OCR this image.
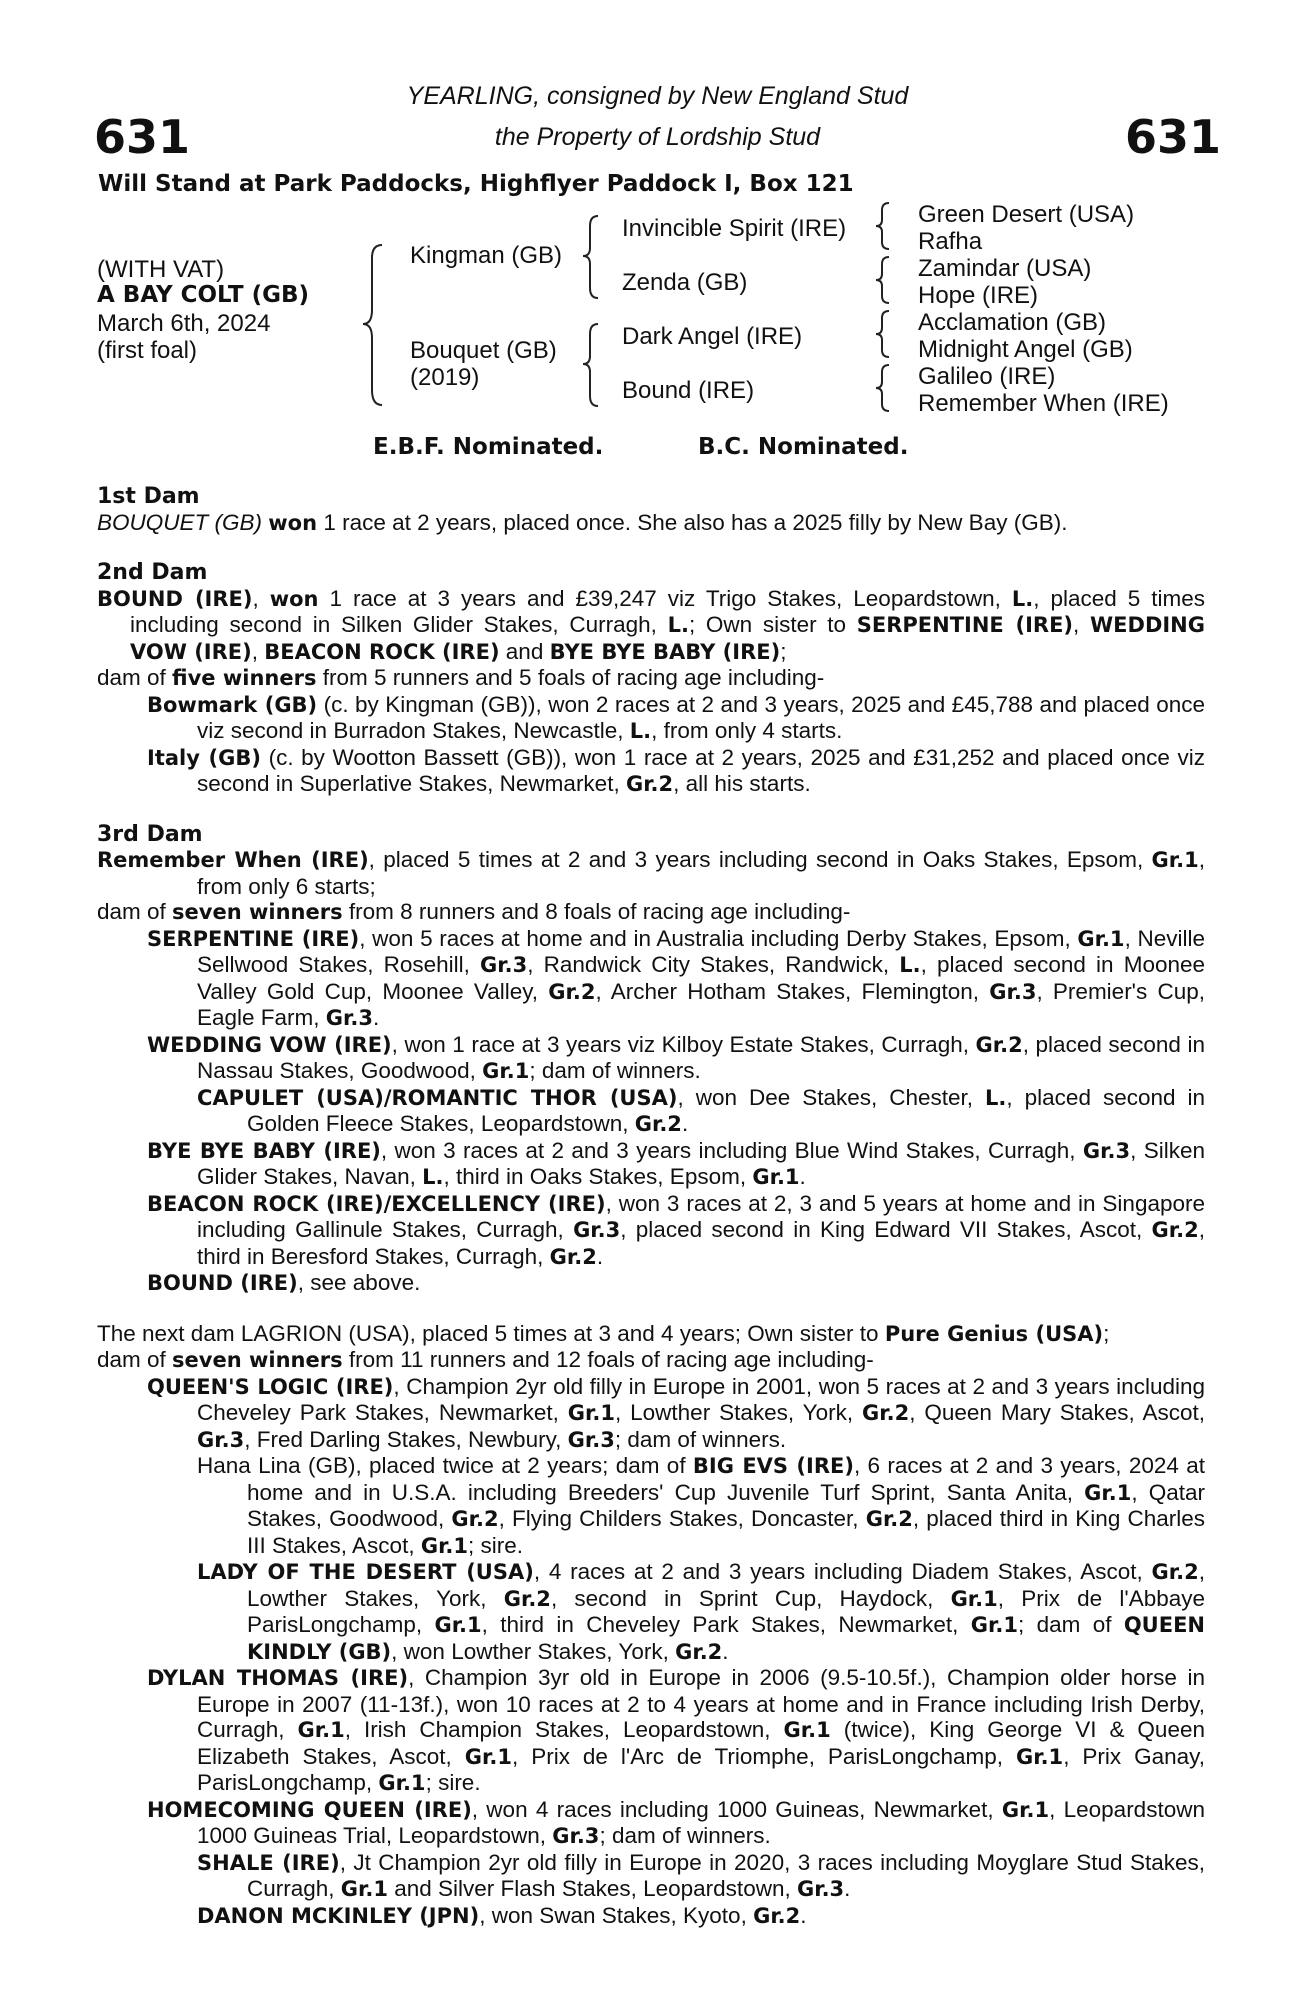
631	631
YEARLING, consigned by New England Stud
the Property of Lordship Stud
Will Stand at Park Paddocks, Highflyer Paddock I, Box 121
(WITH VAT)
A BAY COLT (GB)
March 6th, 2024
(first foal)
Kingman (GB)
Bouquet (GB)
(2019)
Invincible Spirit (IRE)
Zenda (GB)
Dark Angel (IRE)
Bound (IRE)
Green Desert (USA)
Rafha
Zamindar (USA)
Hope (IRE)
Acclamation (GB)
Midnight Angel (GB)
Galileo (IRE)
Remember When (IRE)
E.B.F. Nominated.	B.C. Nominated.
1st Dam

BOUQUET (GB) won 1 race at 2 years, placed once. She also has a 2025 filly by New Bay (GB).

2nd Dam

BOUND (IRE), won 1 race at 3 years and £39,247 viz Trigo Stakes, Leopardstown, L., placed 5 times including second in Silken Glider Stakes, Curragh, L.; Own sister to SERPENTINE (IRE), WEDDING VOW (IRE), BEACON ROCK (IRE) and BYE BYE BABY (IRE);

dam of five winners from 5 runners and 5 foals of racing age including-

Bowmark (GB) (c. by Kingman (GB)), won 2 races at 2 and 3 years, 2025 and £45,788 and placed once viz second in Burradon Stakes, Newcastle, L., from only 4 starts.

Italy (GB) (c. by Wootton Bassett (GB)), won 1 race at 2 years, 2025 and £31,252 and placed once viz second in Superlative Stakes, Newmarket, Gr.2, all his starts.

3rd Dam

Remember When (IRE), placed 5 times at 2 and 3 years including second in Oaks Stakes, Epsom, Gr.1, from only 6 starts;

dam of seven winners from 8 runners and 8 foals of racing age including-

SERPENTINE (IRE), won 5 races at home and in Australia including Derby Stakes, Epsom, Gr.1, Neville Sellwood Stakes, Rosehill, Gr.3, Randwick City Stakes, Randwick, L., placed second in Moonee Valley Gold Cup, Moonee Valley, Gr.2, Archer Hotham Stakes, Flemington, Gr.3, Premier's Cup, Eagle Farm, Gr.3.

WEDDING VOW (IRE), won 1 race at 3 years viz Kilboy Estate Stakes, Curragh, Gr.2, placed second in Nassau Stakes, Goodwood, Gr.1; dam of winners.

CAPULET (USA)/ROMANTIC THOR (USA), won Dee Stakes, Chester, L., placed second in Golden Fleece Stakes, Leopardstown, Gr.2.

BYE BYE BABY (IRE), won 3 races at 2 and 3 years including Blue Wind Stakes, Curragh, Gr.3, Silken Glider Stakes, Navan, L., third in Oaks Stakes, Epsom, Gr.1.

BEACON ROCK (IRE)/EXCELLENCY (IRE), won 3 races at 2, 3 and 5 years at home and in Singapore including Gallinule Stakes, Curragh, Gr.3, placed second in King Edward VII Stakes, Ascot, Gr.2, third in Beresford Stakes, Curragh, Gr.2.

BOUND (IRE), see above.

The next dam LAGRION (USA), placed 5 times at 3 and 4 years; Own sister to Pure Genius (USA);

dam of seven winners from 11 runners and 12 foals of racing age including-

QUEEN'S LOGIC (IRE), Champion 2yr old filly in Europe in 2001, won 5 races at 2 and 3 years including Cheveley Park Stakes, Newmarket, Gr.1, Lowther Stakes, York, Gr.2, Queen Mary Stakes, Ascot, Gr.3, Fred Darling Stakes, Newbury, Gr.3; dam of winners.

Hana Lina (GB), placed twice at 2 years; dam of BIG EVS (IRE), 6 races at 2 and 3 years, 2024 at home and in U.S.A. including Breeders' Cup Juvenile Turf Sprint, Santa Anita, Gr.1, Qatar Stakes, Goodwood, Gr.2, Flying Childers Stakes, Doncaster, Gr.2, placed third in King Charles III Stakes, Ascot, Gr.1; sire.

LADY OF THE DESERT (USA), 4 races at 2 and 3 years including Diadem Stakes, Ascot, Gr.2, Lowther Stakes, York, Gr.2, second in Sprint Cup, Haydock, Gr.1, Prix de l'Abbaye ParisLongchamp, Gr.1, third in Cheveley Park Stakes, Newmarket, Gr.1; dam of QUEEN KINDLY (GB), won Lowther Stakes, York, Gr.2.

DYLAN THOMAS (IRE), Champion 3yr old in Europe in 2006 (9.5-10.5f.), Champion older horse in Europe in 2007 (11-13f.), won 10 races at 2 to 4 years at home and in France including Irish Derby, Curragh, Gr.1, Irish Champion Stakes, Leopardstown, Gr.1 (twice), King George VI & Queen Elizabeth Stakes, Ascot, Gr.1, Prix de l'Arc de Triomphe, ParisLongchamp, Gr.1, Prix Ganay, ParisLongchamp, Gr.1; sire.

HOMECOMING QUEEN (IRE), won 4 races including 1000 Guineas, Newmarket, Gr.1, Leopardstown 1000 Guineas Trial, Leopardstown, Gr.3; dam of winners.

SHALE (IRE), Jt Champion 2yr old filly in Europe in 2020, 3 races including Moyglare Stud Stakes, Curragh, Gr.1 and Silver Flash Stakes, Leopardstown, Gr.3.

DANON MCKINLEY (JPN), won Swan Stakes, Kyoto, Gr.2.
